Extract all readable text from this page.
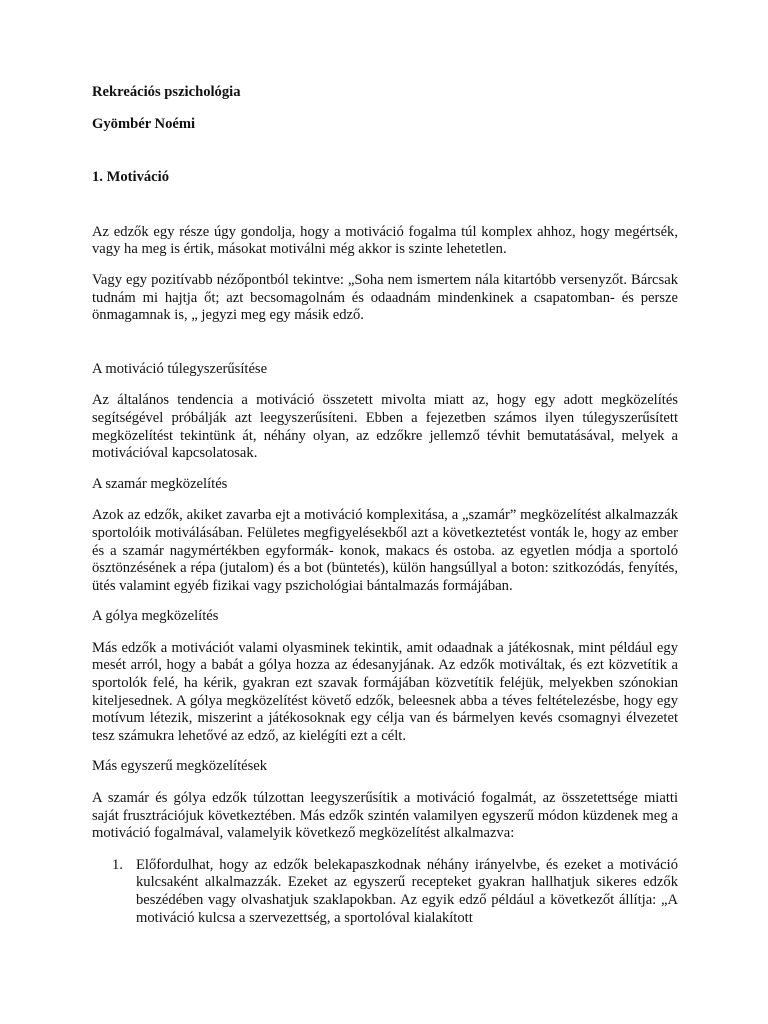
Rekreációs pszichológia

Gyömbér Noémi

1. Motiváció

Az edzők egy része úgy gondolja, hogy a motiváció fogalma túl komplex ahhoz, hogy megértsék, vagy ha meg is értik, másokat motiválni még akkor is szinte lehetetlen.

Vagy egy pozitívabb nézőpontból tekintve: „Soha nem ismertem nála kitartóbb versenyzőt. Bárcsak tudnám mi hajtja őt; azt becsomagolnám és odaadnám mindenkinek a csapatomban- és persze önmagamnak is, „ jegyzi meg egy másik edző.

A motiváció túlegyszerűsítése

Az általános tendencia a motiváció összetett mivolta miatt az, hogy egy adott megközelítés segítségével próbálják azt leegyszerűsíteni. Ebben a fejezetben számos ilyen túlegyszerűsített megközelítést tekintünk át, néhány olyan, az edzőkre jellemző tévhit bemutatásával, melyek a motivációval kapcsolatosak.

A szamár megközelítés

Azok az edzők, akiket zavarba ejt a motiváció komplexitása, a „szamár” megközelítést alkalmazzák sportolóik motiválásában. Felületes megfigyelésekből azt a következtetést vonták le, hogy az ember és a szamár nagymértékben egyformák- konok, makacs és ostoba. az egyetlen módja a sportoló ösztönzésének a répa (jutalom) és a bot (büntetés), külön hangsúllyal a boton: szitkozódás, fenyítés, ütés valamint egyéb fizikai vagy pszichológiai bántalmazás formájában.

A gólya megközelítés

Más edzők a motivációt valami olyasminek tekintik, amit odaadnak a játékosnak, mint például egy mesét arról, hogy a babát a gólya hozza az édesanyjának. Az edzők motiváltak, és ezt közvetítik a sportolók felé, ha kérik, gyakran ezt szavak formájában közvetítik feléjük, melyekben szónokian kiteljesednek. A gólya megközelítést követő edzők, beleesnek abba a téves feltételezésbe, hogy egy motívum létezik, miszerint a játékosoknak egy célja van és bármelyen kevés csomagnyi élvezetet tesz számukra lehetővé az edző, az kielégíti ezt a célt.

Más egyszerű megközelítések

A szamár és gólya edzők túlzottan leegyszerűsítik a motiváció fogalmát, az összetettsége miatti saját frusztrációjuk következtében. Más edzők szintén valamilyen egyszerű módon küzdenek meg a motiváció fogalmával, valamelyik következő megközelítést alkalmazva:

1. Előfordulhat, hogy az edzők belekapaszkodnak néhány irányelvbe, és ezeket a motiváció kulcsaként alkalmazzák. Ezeket az egyszerű recepteket gyakran hallhatjuk sikeres edzők beszédében vagy olvashatjuk szaklapokban. Az egyik edző például a következőt állítja: „A motiváció kulcsa a szervezettség, a sportolóval kialakított
